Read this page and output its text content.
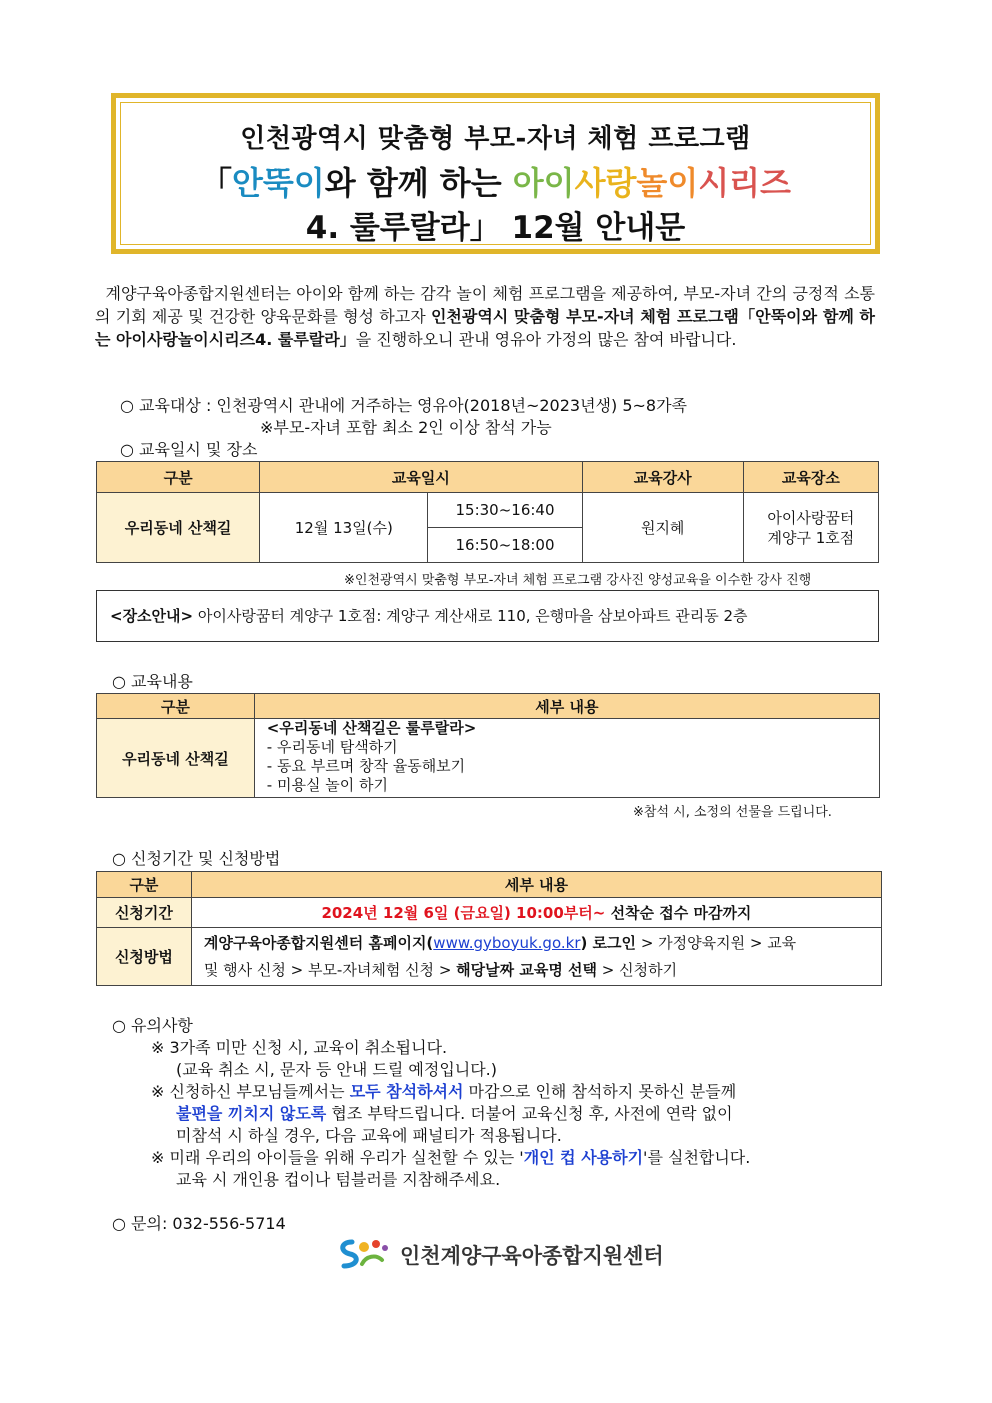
인천광역시 맞춤형 부모-자녀 체험 프로그램
「안뚝이와 함께 하는 아이사랑놀이시리즈
4. 룰루랄라」 12월 안내문
계양구육아종합지원센터는 아이와 함께 하는 감각 놀이 체험 프로그램을 제공하여, 부모-자녀 간의 긍정적 소통의 기회 제공 및 건강한 양육문화를 형성 하고자 인천광역시 맞춤형 부모-자녀 체험 프로그램「안뚝이와 함께 하는 아이사랑놀이시리즈4. 룰루랄라」을 진행하오니 관내 영유아 가정의 많은 참여 바랍니다.
○ 교육대상 : 인천광역시 관내에 거주하는 영유아(2018년~2023년생) 5~8가족
※부모-자녀 포함 최소 2인 이상 참석 가능
○ 교육일시 및 장소
구분	교육일시		교육강사	교육장소
우리동네 산책길	12월 13일(수)	15:30~16:40	원지혜	아이사랑꿈터
계양구 1호점
		16:50~18:00		
※인천광역시 맞춤형 부모-자녀 체험 프로그램 강사진 양성교육을 이수한 강사 진행
<장소안내> 아이사랑꿈터 계양구 1호점: 계양구 계산새로 110, 은행마을 삼보아파트 관리동 2층
○ 교육내용
구분	세부 내용
우리동네 산책길	<우리동네 산책길은 룰루랄라>
- 우리동네 탐색하기
- 동요 부르며 창작 율동해보기
- 미용실 놀이 하기
※참석 시, 소정의 선물을 드립니다.
○ 신청기간 및 신청방법
구분	세부 내용
신청기간	2024년 12월 6일 (금요일) 10:00부터~ 선착순 접수 마감까지
신청방법	계양구육아종합지원센터 홈페이지(www.gyboyuk.go.kr) 로그인 > 가정양육지원 > 교육
및 행사 신청 > 부모-자녀체험 신청 > 해당날짜 교육명 선택 > 신청하기
○ 유의사항
※ 3가족 미만 신청 시, 교육이 취소됩니다.
(교육 취소 시, 문자 등 안내 드릴 예정입니다.)
※ 신청하신 부모님들께서는 모두 참석하셔서 마감으로 인해 참석하지 못하신 분들께
불편을 끼치지 않도록 협조 부탁드립니다. 더불어 교육신청 후, 사전에 연락 없이
미참석 시 하실 경우, 다음 교육에 패널티가 적용됩니다.
※ 미래 우리의 아이들을 위해 우리가 실천할 수 있는 '개인 컵 사용하기'를 실천합니다.
교육 시 개인용 컵이나 텀블러를 지참해주세요.
○ 문의: 032-556-5714
인천계양구육아종합지원센터
